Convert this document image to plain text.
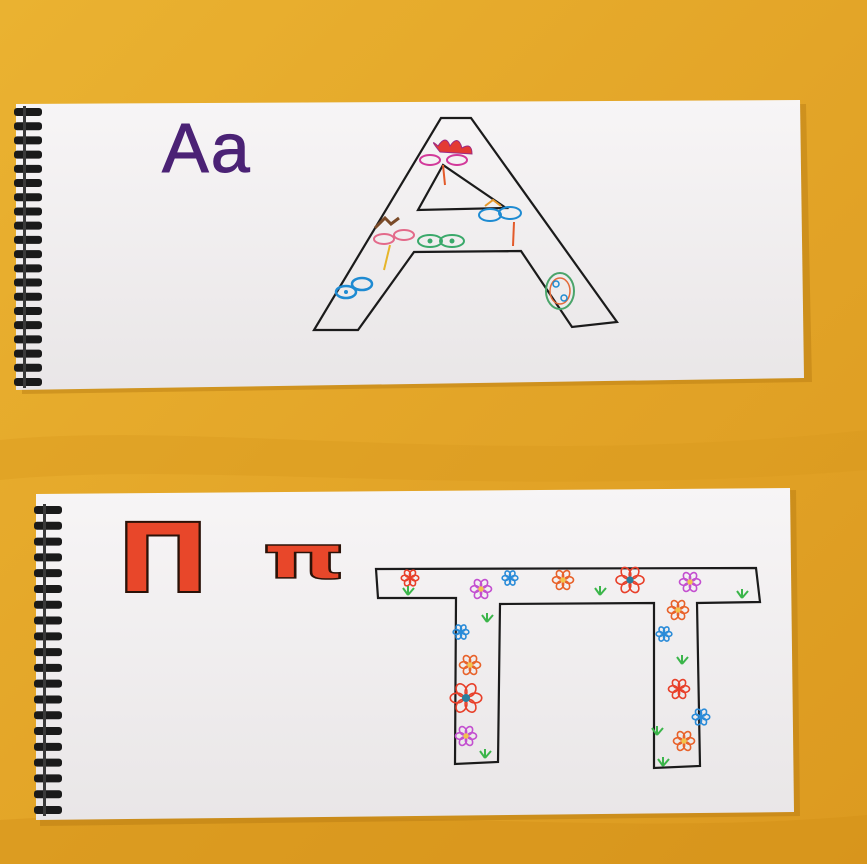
Aa
Π π
